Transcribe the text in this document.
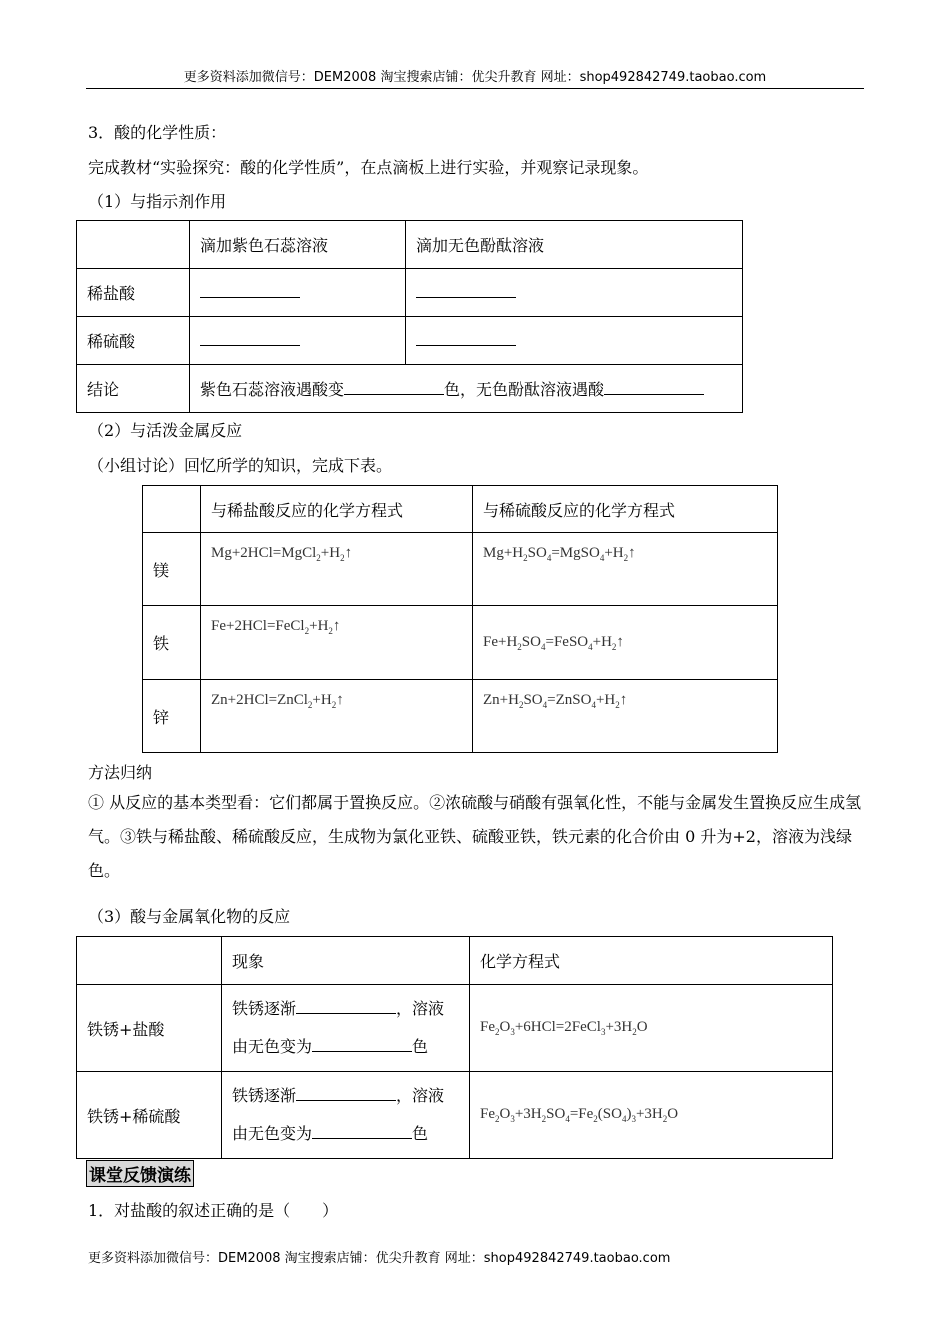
更多资料添加微信号：DEM2008 淘宝搜索店铺：优尖升教育 网址：shop492842749.taobao.com
3．酸的化学性质：
完成教材“实验探究：酸的化学性质”，在点滴板上进行实验，并观察记录现象。
（1）与指示剂作用
	滴加紫色石蕊溶液	滴加无色酚酞溶液
稀盐酸		
稀硫酸		
结论	紫色石蕊溶液遇酸变 色，无色酚酞溶液遇酸	
（2）与活泼金属反应
（小组讨论）回忆所学的知识，完成下表。
	与稀盐酸反应的化学方程式	与稀硫酸反应的化学方程式
镁	$Mg+2HCl=MgCl_2+H_2↑$	$Mg+H_2SO_4=MgSO_4+H_2↑$
铁	$Fe+2HCl=FeCl_2+H_2↑$	$Fe+H_2SO_4=FeSO_4+H_2↑$
锌	$Zn+2HCl=ZnCl_2+H_2↑$	$Zn+H_2SO_4=ZnSO_4+H_2↑$
方法归纳
① 从反应的基本类型看：它们都属于置换反应。②浓硫酸与硝酸有强氧化性，不能与金属发生置换反应生成氢气。③铁与稀盐酸、稀硫酸反应，生成物为氯化亚铁、硫酸亚铁，铁元素的化合价由 0 升为+2，溶液为浅绿色。
（3）酸与金属氧化物的反应
	现象	化学方程式
铁锈+盐酸	铁锈逐渐 ，溶液
由无色变为 色	$Fe_2O_3+6HCl=2FeCl_3+3H_2O$
铁锈+稀硫酸	铁锈逐渐 ，溶液
由无色变为 色	$Fe_2O_3+3H_2SO_4=Fe_2(SO_4)_3+3H_2O$
课堂反馈演练
1．对盐酸的叙述正确的是（　　）
更多资料添加微信号：DEM2008 淘宝搜索店铺：优尖升教育 网址：shop492842749.taobao.com
